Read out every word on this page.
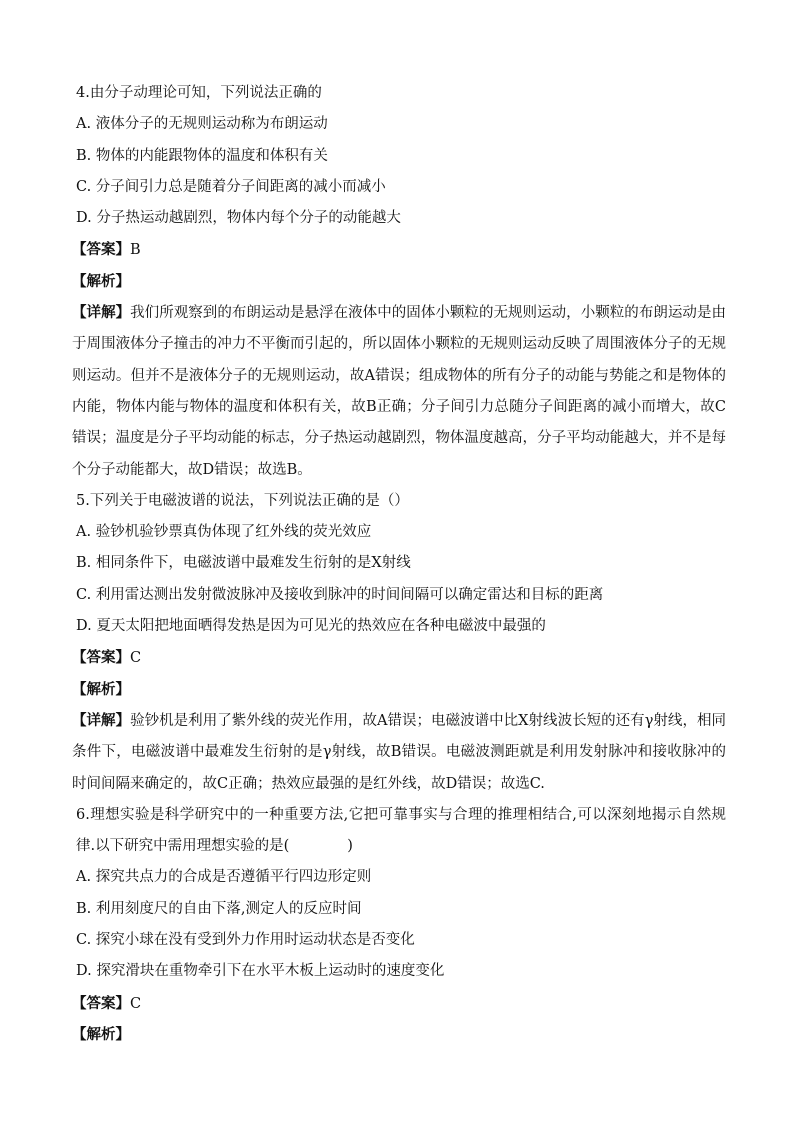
4.由分子动理论可知，下列说法正确的
A. 液体分子的无规则运动称为布朗运动
B. 物体的内能跟物体的温度和体积有关
C. 分子间引力总是随着分子间距离的减小而减小
D. 分子热运动越剧烈，物体内每个分子的动能越大
【答案】B
【解析】
【详解】我们所观察到的布朗运动是悬浮在液体中的固体小颗粒的无规则运动，小颗粒的布朗运动是由于周围液体分子撞击的冲力不平衡而引起的，所以固体小颗粒的无规则运动反映了周围液体分子的无规则运动。但并不是液体分子的无规则运动，故A错误；组成物体的所有分子的动能与势能之和是物体的内能，物体内能与物体的温度和体积有关，故B正确；分子间引力总随分子间距离的减小而增大，故C错误；温度是分子平均动能的标志，分子热运动越剧烈，物体温度越高，分子平均动能越大，并不是每个分子动能都大，故D错误；故选B。
5.下列关于电磁波谱的说法，下列说法正确的是（）
A. 验钞机验钞票真伪体现了红外线的荧光效应
B. 相同条件下，电磁波谱中最难发生衍射的是X射线
C. 利用雷达测出发射微波脉冲及接收到脉冲的时间间隔可以确定雷达和目标的距离
D. 夏天太阳把地面晒得发热是因为可见光的热效应在各种电磁波中最强的
【答案】C
【解析】
【详解】验钞机是利用了紫外线的荧光作用，故A错误；电磁波谱中比X射线波长短的还有γ射线，相同条件下，电磁波谱中最难发生衍射的是γ射线，故B错误。电磁波测距就是利用发射脉冲和接收脉冲的时间间隔来确定的，故C正确；热效应最强的是红外线，故D错误；故选C.
6.理想实验是科学研究中的一种重要方法,它把可靠事实与合理的推理相结合,可以深刻地揭示自然规律.以下研究中需用理想实验的是(　　　　)
A. 探究共点力的合成是否遵循平行四边形定则
B. 利用刻度尺的自由下落,测定人的反应时间
C. 探究小球在没有受到外力作用时运动状态是否变化
D. 探究滑块在重物牵引下在水平木板上运动时的速度变化
【答案】C
【解析】
